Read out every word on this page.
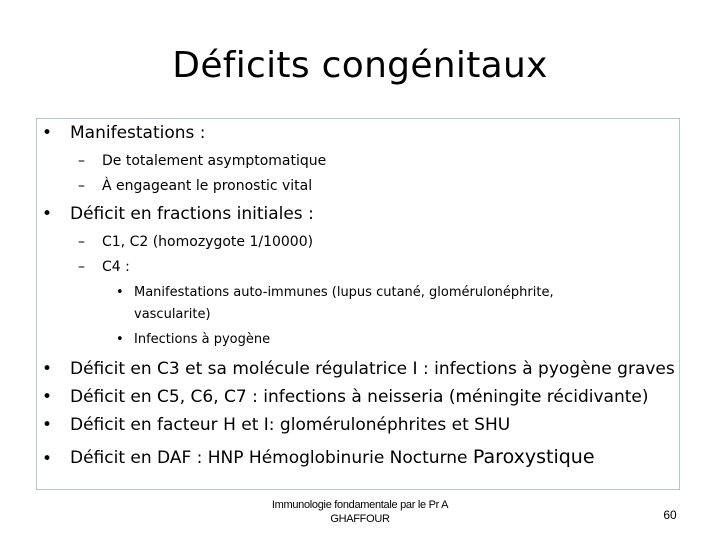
Déficits congénitaux
• Manifestations :
– De totalement asymptomatique
– À engageant le pronostic vital
• Déficit en fractions initiales :
– C1, C2 (homozygote 1/10000)
– C4 :
• Manifestations auto-immunes (lupus cutané, glomérulonéphrite,
vascularite)
• Infections à pyogène
• Déficit en C3 et sa molécule régulatrice I : infections à pyogène graves
• Déficit en C5, C6, C7 : infections à neisseria (méningite récidivante)
• Déficit en facteur H et I: glomérulonéphrites et SHU
• Déficit en DAF : HNP Hémoglobinurie Nocturne Paroxystique
Immunologie fondamentale par le Pr A
GHAFFOUR	60
